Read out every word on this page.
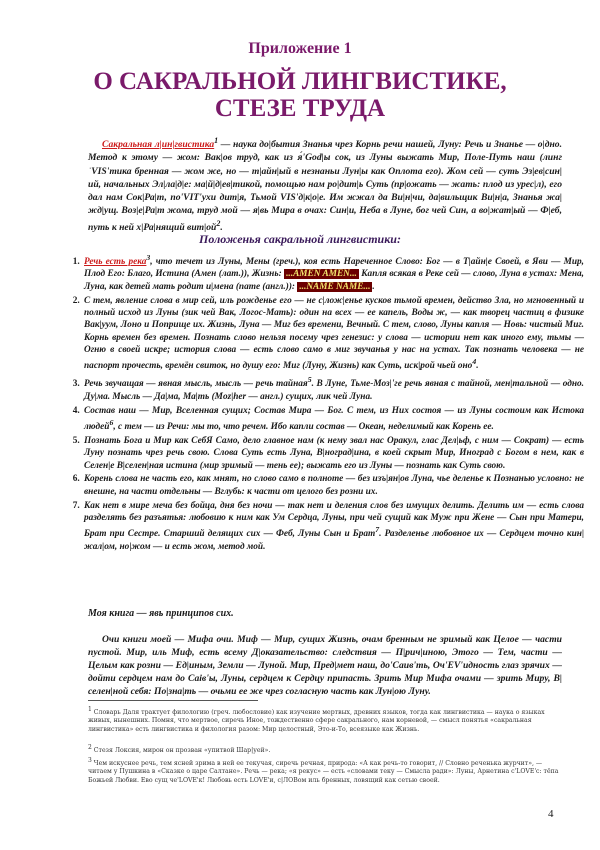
Приложение 1
О САКРАЛЬНОЙ ЛИНГВИСТИКЕ,
СТЕЗЕ ТРУДА

Сакральная л|ин|гвистика$^1$ — наука до|бытия Знанья чрез Корнь речи нашей, Луну: Речь и Знанье — о|дно. Метод к этому — жом: Вак|ов труд, как из я́'God|ы сок, из Луны выжать Мир, Поле-Путь наш (лингˈVIS'тика бренная — жом же, но — т|айн|ый в незнаньи Лун|ы как Оплота его). Жом сей — суть Эз|ев|син|ий, начальных Эл|ла|д|е: ма|й|д|ев|тикой, помощью нам ро|дит|ь Суть (пр|ожать — жать: плод из урес|л), его дал нам Сок|Ра|т, по'VIT'ухи дит|я, Тьмой VIS'д|к|о|е. Им жжал да Ви|н|чи, да|вильщик Ви|н|а, Знанья жа|жд|ущ. Воз|е|Ра|т жома, труд мой — я|вь Мира в очах: Син|и, Неба в Луне, бог чей Син, а во|жат|ый — Ф|еб, путь к ней х|Ра|нящий $вит|ой^2$.

Положенья сакральной лингвистики:
1. Речь есть река$^3$, что течет из Луны, Мены (греч.), коя есть Нареченное Слово: Бог — в Т|айн|е Своей, в Яви — Мир, Плод Его: Благо, Истина (Амен (лат.)), Жизнь: ...AMEN AMEN... Капля всякая в Реке сей — слово, Луна в устах: Мена, Луна, как детей мать родит и|мена (name (англ.)): ...NAME NAME... .
2. С тем, явление слова в мир сей, иль рожденье его — не с|лож|енье кусков тьмой времен, действо Зла, но мгновенный и полный исход из Луны (зик чей Вак, Логос-Мать): один на всех — ее капель, Воды ж, — как творец частиц в физике Вак|уум, Лоно и Поприще их. Жизнь, Луна — Миг без времени, Вечный. С тем, слово, Луны капля — Новь: чистый Миг. Корнь времен без времен. Познать слово нельзя посему чрез генезис: у слова — истории нет как иного ему, тьмы — Огню в своей искре; история слова — есть слово само в миг звучанья у нас на устах. Так познать человека — не паспорт прочесть, времён свиток, но душу его: Миг (Луну, Жизнь) как Суть, иск|рой чьей оно$^4$.
3. Речь звучащая — явная мысль, мысль — речь тайная$^5$. В Луне, Тьме-Моз|'ге речь явная с тайной, мен|тальной — одно. Ду|ма. Мысль — Да|ма, Ма|ть (Moz|her — англ.) сущих, лик чей Луна.
4. Состав наш — Мир, Вселенная сущих; Состав Мира — Бог. С тем, из Них состоя — из Луны состоим как Истока людей$^6$, с тем — из Речи: мы то, что речем. Ибо капли состав — Океан, неделимый как Корень ее.
5. Познать Бога и Мир как СебЯ Само, дело главное нам (к нему звал нас Оракул, глас Дел|ьф, с ним — Сократ) — есть Луну познать чрез речь свою. Слова Суть есть Луна, В|ноград|ина, в коей скрыт Мир, Иноград с Богом в нем, как в Селен|е В|селен|ная истина (мир зримый — тень ее); выжать его из Луны — познать как Суть свою.
6. Корень слова не часть его, как мнят, но слово само в полноте — без изъ|ян|ов Луна, чье деленье к Познанью условно: не внешне, на части отдельны — Вглубь: к части от целого без розни их.
7. Как нет в мире меча без бойца, дня без ночи — так нет и деления слов без имущих делить. Делить им — есть слова разделять без разъятья: любовию к ним как Ум Сердца, Луны, при чей сущий как Муж при Жене — Сын при Матери, Брат при Сестре. Старший делящих сих — Феб, Луны Сын и Брат$^7$. Разделенье любовное их — Сердцем точно кин|жал|ом, но|жом — и есть жом, метод мой.
Моя книга — явь принципов сих.

Очи книги моей — Мифа очи. Миф — Мир, сущих Жизнь, очам бренным не зримый как Целое — части пустой. Мир, иль Миф, есть всему Д|оказательство: следствия — П|рич|иною, Этого — Тем, части — Целым как розни — Ед|иным, Земли — Луной. Мир, Пред|мет наш, до'Caив'ть, Оч'EV'идность глаз зрячих — дойти сердцем нам до Caiв'ы, Луны, сердцем к Сердцу припасть. Зрить Мир Мифа очами — зрить Миру, В|селен|ной себя: По|зна|ть — очьми ее же чрез согласную часть как Лун|ою Луну.

$^1$ Словарь Даля трактует филологию (греч. любословие) как изучение мертвых, древних языков, тогда как лингвистика — наука о языках живых, нынешних. Помня, что мертвое, сиречь Иное, тождественно сфере сакрального, нам корневой, — смысл понятья «сакральная лингвистика» есть лингвистика и филология разом: Мир целостный, Это-и-То, всеязыке как Жизнь.
$^2$ Стезя Локсия, мирон он прозван «упитвой Шар|уей».
$^3$ Чем искуснее речь, тем ясней зрима в ней ее текучая, сиречь речная, природа: «А как речь-то говорит, // Словно реченька журчит», — читаем у Пушкина в «Сказке о царе Салтане». Речь — река; «я рекус» — есть «словами теку — Смысла ради»: Луны, Арнетина с'LOVE'с: тёпа Божьей Любви. Ево сущ че'LOVE'к! Любовь есть LOVE'и, с|ЛОВом иль бренных, ловящий как сетью своей.
4
